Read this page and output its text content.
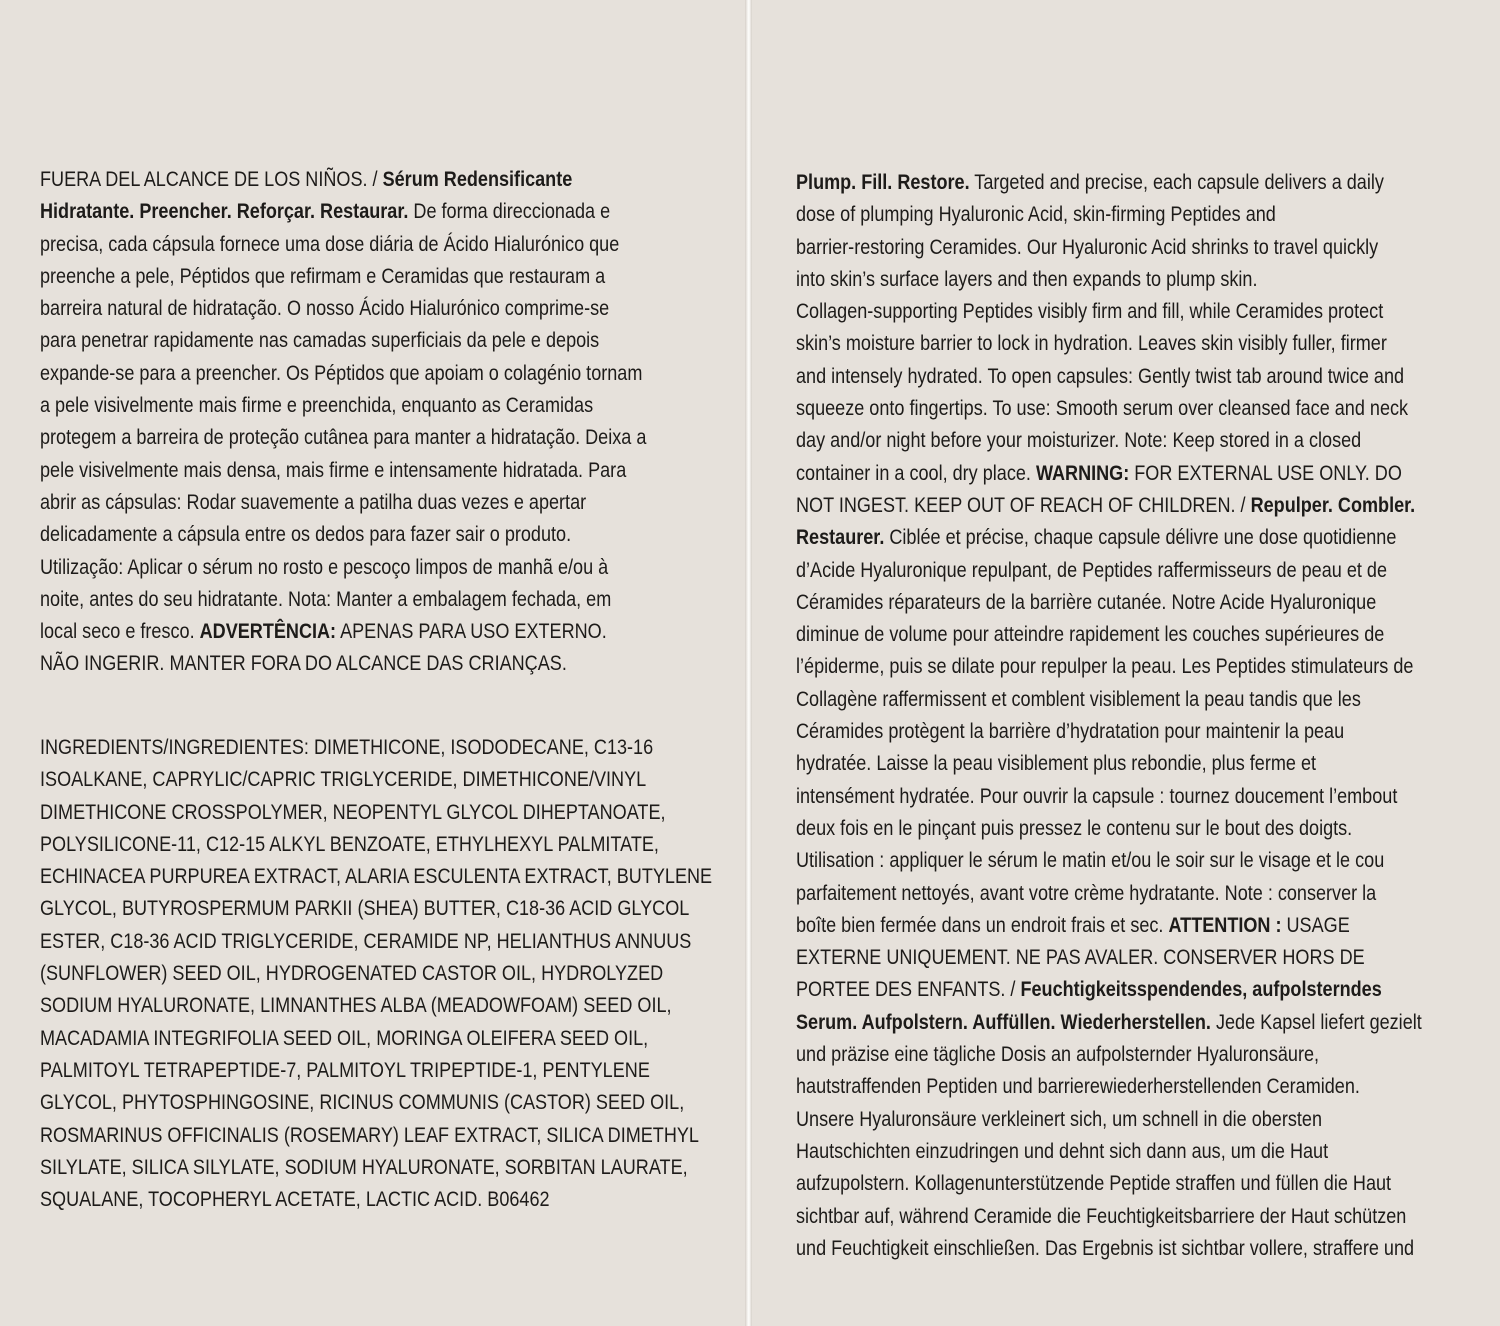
FUERA DEL ALCANCE DE LOS NIÑOS. / Sérum Redensificante
Hidratante. Preencher. Reforçar. Restaurar. De forma direccionada e
precisa, cada cápsula fornece uma dose diária de Ácido Hialurónico que
preenche a pele, Péptidos que refirmam e Ceramidas que restauram a
barreira natural de hidratação. O nosso Ácido Hialurónico comprime-se
para penetrar rapidamente nas camadas superficiais da pele e depois
expande-se para a preencher. Os Péptidos que apoiam o colagénio tornam
a pele visivelmente mais firme e preenchida, enquanto as Ceramidas
protegem a barreira de proteção cutânea para manter a hidratação. Deixa a
pele visivelmente mais densa, mais firme e intensamente hidratada. Para
abrir as cápsulas: Rodar suavemente a patilha duas vezes e apertar
delicadamente a cápsula entre os dedos para fazer sair o produto.
Utilização: Aplicar o sérum no rosto e pescoço limpos de manhã e/ou à
noite, antes do seu hidratante. Nota: Manter a embalagem fechada, em
local seco e fresco. ADVERTÊNCIA: APENAS PARA USO EXTERNO.
NÃO INGERIR. MANTER FORA DO ALCANCE DAS CRIANÇAS.
INGREDIENTS/INGREDIENTES: DIMETHICONE, ISODODECANE, C13-16
ISOALKANE, CAPRYLIC/CAPRIC TRIGLYCERIDE, DIMETHICONE/VINYL
DIMETHICONE CROSSPOLYMER, NEOPENTYL GLYCOL DIHEPTANOATE,
POLYSILICONE-11, C12-15 ALKYL BENZOATE, ETHYLHEXYL PALMITATE,
ECHINACEA PURPUREA EXTRACT, ALARIA ESCULENTA EXTRACT, BUTYLENE
GLYCOL, BUTYROSPERMUM PARKII (SHEA) BUTTER, C18-36 ACID GLYCOL
ESTER, C18-36 ACID TRIGLYCERIDE, CERAMIDE NP, HELIANTHUS ANNUUS
(SUNFLOWER) SEED OIL, HYDROGENATED CASTOR OIL, HYDROLYZED
SODIUM HYALURONATE, LIMNANTHES ALBA (MEADOWFOAM) SEED OIL,
MACADAMIA INTEGRIFOLIA SEED OIL, MORINGA OLEIFERA SEED OIL,
PALMITOYL TETRAPEPTIDE-7, PALMITOYL TRIPEPTIDE-1, PENTYLENE
GLYCOL, PHYTOSPHINGOSINE, RICINUS COMMUNIS (CASTOR) SEED OIL,
ROSMARINUS OFFICINALIS (ROSEMARY) LEAF EXTRACT, SILICA DIMETHYL
SILYLATE, SILICA SILYLATE, SODIUM HYALURONATE, SORBITAN LAURATE,
SQUALANE, TOCOPHERYL ACETATE, LACTIC ACID. B06462
Plump. Fill. Restore. Targeted and precise, each capsule delivers a daily
dose of plumping Hyaluronic Acid, skin-firming Peptides and
barrier-restoring Ceramides. Our Hyaluronic Acid shrinks to travel quickly
into skin’s surface layers and then expands to plump skin.
Collagen-supporting Peptides visibly firm and fill, while Ceramides protect
skin’s moisture barrier to lock in hydration. Leaves skin visibly fuller, firmer
and intensely hydrated. To open capsules: Gently twist tab around twice and
squeeze onto fingertips. To use: Smooth serum over cleansed face and neck
day and/or night before your moisturizer. Note: Keep stored in a closed
container in a cool, dry place. WARNING: FOR EXTERNAL USE ONLY. DO
NOT INGEST. KEEP OUT OF REACH OF CHILDREN. / Repulper. Combler.
Restaurer. Ciblée et précise, chaque capsule délivre une dose quotidienne
d’Acide Hyaluronique repulpant, de Peptides raffermisseurs de peau et de
Céramides réparateurs de la barrière cutanée. Notre Acide Hyaluronique
diminue de volume pour atteindre rapidement les couches supérieures de
l’épiderme, puis se dilate pour repulper la peau. Les Peptides stimulateurs de
Collagène raffermissent et comblent visiblement la peau tandis que les
Céramides protègent la barrière d’hydratation pour maintenir la peau
hydratée. Laisse la peau visiblement plus rebondie, plus ferme et
intensément hydratée. Pour ouvrir la capsule : tournez doucement l’embout
deux fois en le pinçant puis pressez le contenu sur le bout des doigts.
Utilisation : appliquer le sérum le matin et/ou le soir sur le visage et le cou
parfaitement nettoyés, avant votre crème hydratante. Note : conserver la
boîte bien fermée dans un endroit frais et sec. ATTENTION : USAGE
EXTERNE UNIQUEMENT. NE PAS AVALER. CONSERVER HORS DE
PORTEE DES ENFANTS. / Feuchtigkeitsspendendes, aufpolsterndes
Serum. Aufpolstern. Auffüllen. Wiederherstellen. Jede Kapsel liefert gezielt
und präzise eine tägliche Dosis an aufpolsternder Hyaluronsäure,
hautstraffenden Peptiden und barrierewiederherstellenden Ceramiden.
Unsere Hyaluronsäure verkleinert sich, um schnell in die obersten
Hautschichten einzudringen und dehnt sich dann aus, um die Haut
aufzupolstern. Kollagenunterstützende Peptide straffen und füllen die Haut
sichtbar auf, während Ceramide die Feuchtigkeitsbarriere der Haut schützen
und Feuchtigkeit einschließen. Das Ergebnis ist sichtbar vollere, straffere und
